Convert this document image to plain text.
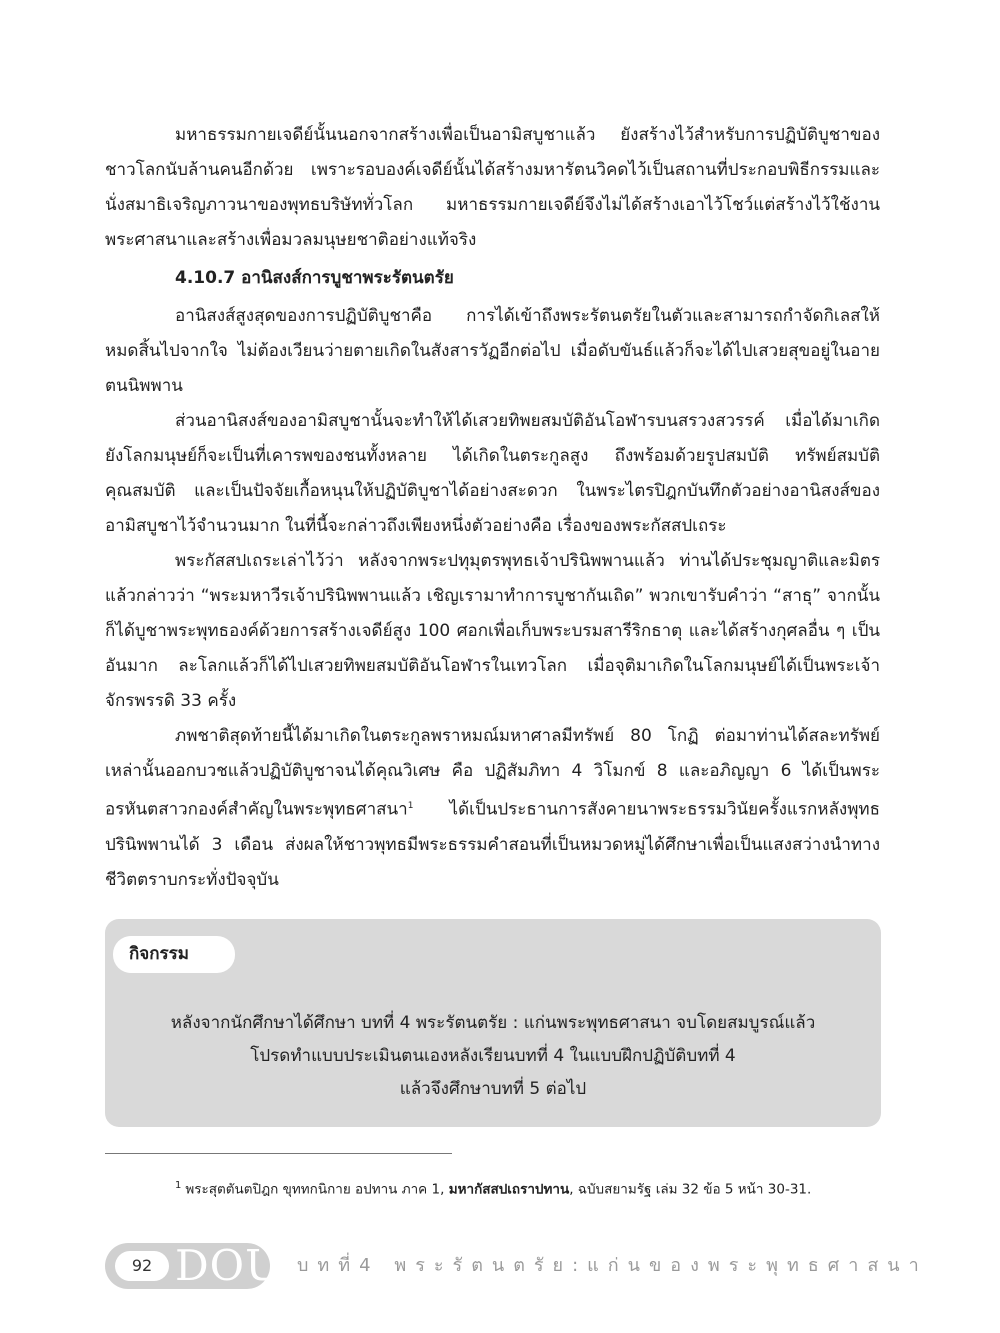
มหาธรรมกายเจดีย์นั้นนอกจากสร้างเพื่อเป็นอามิสบูชาแล้ว ยังสร้างไว้สำหรับการปฏิบัติบูชาของชาวโลกนับล้านคนอีกด้วย เพราะรอบองค์เจดีย์นั้นได้สร้างมหารัตนวิคดไว้เป็นสถานที่ประกอบพิธีกรรมและนั่งสมาธิเจริญภาวนาของพุทธบริษัททั่วโลก มหาธรรมกายเจดีย์จึงไม่ได้สร้างเอาไว้โชว์แต่สร้างไว้ใช้งานพระศาสนาและสร้างเพื่อมวลมนุษยชาติอย่างแท้จริง

4.10.7 อานิสงส์การบูชาพระรัตนตรัย

อานิสงส์สูงสุดของการปฏิบัติบูชาคือ การได้เข้าถึงพระรัตนตรัยในตัวและสามารถกำจัดกิเลสให้หมดสิ้นไปจากใจ ไม่ต้องเวียนว่ายตายเกิดในสังสารวัฏอีกต่อไป เมื่อดับขันธ์แล้วก็จะได้ไปเสวยสุขอยู่ในอายตนนิพพาน

ส่วนอานิสงส์ของอามิสบูชานั้นจะทำให้ได้เสวยทิพยสมบัติอันโอฬารบนสรวงสวรรค์ เมื่อได้มาเกิดยังโลกมนุษย์ก็จะเป็นที่เคารพของชนทั้งหลาย ได้เกิดในตระกูลสูง ถึงพร้อมด้วยรูปสมบัติ ทรัพย์สมบัติ คุณสมบัติ และเป็นปัจจัยเกื้อหนุนให้ปฏิบัติบูชาได้อย่างสะดวก ในพระไตรปิฎกบันทึกตัวอย่างอานิสงส์ของอามิสบูชาไว้จำนวนมาก ในที่นี้จะกล่าวถึงเพียงหนึ่งตัวอย่างคือ เรื่องของพระกัสสปเถระ

พระกัสสปเถระเล่าไว้ว่า หลังจากพระปทุมุตรพุทธเจ้าปรินิพพานแล้ว ท่านได้ประชุมญาติและมิตรแล้วกล่าวว่า “พระมหาวีรเจ้าปรินิพพานแล้ว เชิญเรามาทำการบูชากันเถิด” พวกเขารับคำว่า “สาธุ” จากนั้น ก็ได้บูชาพระพุทธองค์ด้วยการสร้างเจดีย์สูง 100 ศอกเพื่อเก็บพระบรมสารีริกธาตุ และได้สร้างกุศลอื่น ๆ เป็นอันมาก ละโลกแล้วก็ได้ไปเสวยทิพยสมบัติอันโอฬารในเทวโลก เมื่อจุติมาเกิดในโลกมนุษย์ได้เป็นพระเจ้าจักรพรรดิ 33 ครั้ง

ภพชาติสุดท้ายนี้ได้มาเกิดในตระกูลพราหมณ์มหาศาลมีทรัพย์ 80 โกฏิ ต่อมาท่านได้สละทรัพย์เหล่านั้นออกบวชแล้วปฏิบัติบูชาจนได้คุณวิเศษ คือ ปฏิสัมภิทา 4 วิโมกข์ 8 และอภิญญา 6 ได้เป็นพระอรหันตสาวกองค์สำคัญในพระพุทธศาสนา$^1$ ได้เป็นประธานการสังคายนาพระธรรมวินัยครั้งแรกหลังพุทธปรินิพพานได้ 3 เดือน ส่งผลให้ชาวพุทธมีพระธรรมคำสอนที่เป็นหมวดหมู่ได้ศึกษาเพื่อเป็นแสงสว่างนำทางชีวิตตราบกระทั่งปัจจุบัน

กิจกรรม
หลังจากนักศึกษาได้ศึกษา บทที่ 4 พระรัตนตรัย : แก่นพระพุทธศาสนา จบโดยสมบูรณ์แล้ว
โปรดทำแบบประเมินตนเองหลังเรียนบทที่ 4 ในแบบฝึกปฏิบัติบทที่ 4
แล้วจึงศึกษาบทที่ 5 ต่อไป
$^1$ พระสุตตันตปิฎก ขุททกนิกาย อปทาน ภาค 1, มหากัสสปเถราปทาน, ฉบับสยามรัฐ เล่ม 32 ข้อ 5 หน้า 30-31.
92 DOU บทที่4 พระรัตนตรัย:แก่นของพระพุทธศาสนา
